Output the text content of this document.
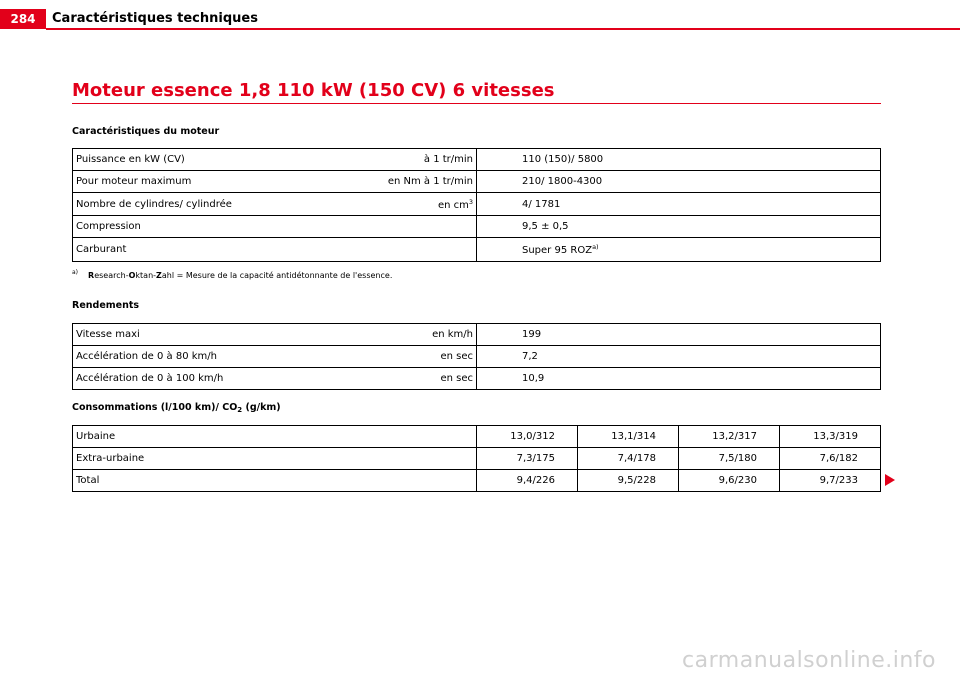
284	Caractéristiques techniques
Moteur essence 1,8 110 kW (150 CV) 6 vitesses
Caractéristiques du moteur
Puissance en kW (CV)	à 1 tr/min	110 (150)/ 5800
Pour moteur maximum	en Nm à 1 tr/min	210/ 1800-4300
Nombre de cylindres/ cylindrée	en $cm^3$	4/ 1781
Compression		9,5 ± 0,5
Carburant		Super 95 ROZ$^{a)}$
$^{a)}$ Research-Oktan-Zahl = Mesure de la capacité antidétonnante de l'essence.
Rendements
Vitesse maxi	en km/h	199
Accélération de 0 à 80 km/h	en sec	7,2
Accélération de 0 à 100 km/h	en sec	10,9
Consommations (l/100 km)/ $CO_2$ (g/km)
Urbaine	13,0/312	13,1/314	13,2/317	13,3/319
Extra-urbaine	7,3/175	7,4/178	7,5/180	7,6/182
Total	9,4/226	9,5/228	9,6/230	9,7/233
carmanualsonline.info
